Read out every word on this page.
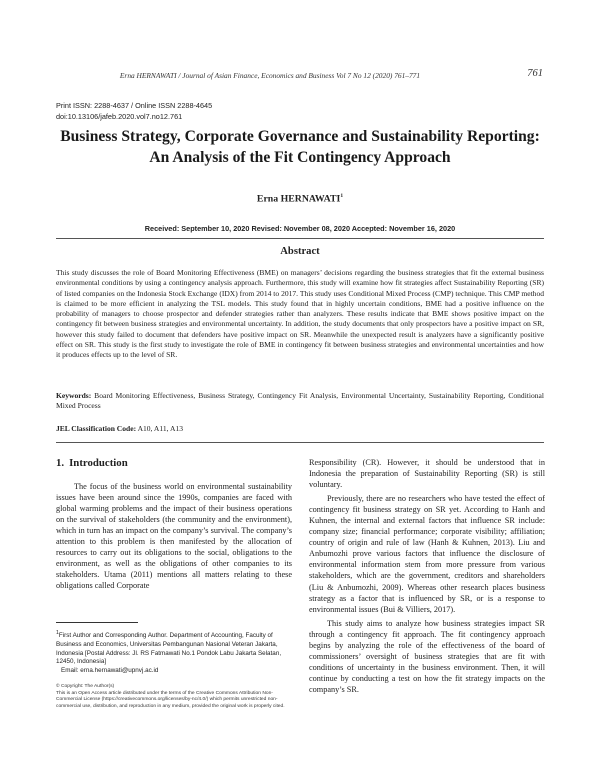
Erna HERNAWATI / Journal of Asian Finance, Economics and Business Vol 7 No 12 (2020) 761–771	761
Print ISSN: 2288-4637 / Online ISSN 2288-4645
doi:10.13106/jafeb.2020.vol7.no12.761
Business Strategy, Corporate Governance and Sustainability Reporting:
An Analysis of the Fit Contingency Approach
Erna HERNAWATI$^1$
Received: September 10, 2020 Revised: November 08, 2020 Accepted: November 16, 2020
Abstract
This study discusses the role of Board Monitoring Effectiveness (BME) on managers’ decisions regarding the business strategies that fit the external business environmental conditions by using a contingency analysis approach. Furthermore, this study will examine how fit strategies affect Sustainability Reporting (SR) of listed companies on the Indonesia Stock Exchange (IDX) from 2014 to 2017. This study uses Conditional Mixed Process (CMP) technique. This CMP method is claimed to be more efficient in analyzing the TSL models. This study found that in highly uncertain conditions, BME had a positive influence on the probability of managers to choose prospector and defender strategies rather than analyzers. These results indicate that BME shows positive impact on the contingency fit between business strategies and environmental uncertainty. In addition, the study documents that only prospectors have a positive impact on SR, however this study failed to document that defenders have positive impact on SR. Meanwhile the unexpected result is analyzers have a significantly positive effect on SR. This study is the first study to investigate the role of BME in contingency fit between business strategies and environmental uncertainties and how it produces effects up to the level of SR.
Keywords: Board Monitoring Effectiveness, Business Strategy, Contingency Fit Analysis, Environmental Uncertainty, Sustainability Reporting, Conditional Mixed Process
JEL Classification Code: A10, A11, A13
1. Introduction

The focus of the business world on environmental sustainability issues have been around since the 1990s, companies are faced with global warming problems and the impact of their business operations on the survival of stakeholders (the community and the environment), which in turn has an impact on the company’s survival. The company’s attention to this problem is then manifested by the allocation of resources to carry out its obligations to the social, obligations to the environment, as well as the obligations of other companies to its stakeholders. Utama (2011) mentions all matters relating to these obligations called Corporate

Responsibility (CR). However, it should be understood that in Indonesia the preparation of Sustainability Reporting (SR) is still voluntary.

Previously, there are no researchers who have tested the effect of contingency fit business strategy on SR yet. According to Hanh and Kuhnen, the internal and external factors that influence SR include: company size; financial performance; corporate visibility; affiliation; country of origin and rule of law (Hanh & Kuhnen, 2013). Liu and Anbumozhi prove various factors that influence the disclosure of environmental information stem from more pressure from various stakeholders, which are the government, creditors and shareholders (Liu & Anbumozhi, 2009). Whereas other research places business strategy as a factor that is influenced by SR, or is a response to environmental issues (Bui & Villiers, 2017).

This study aims to analyze how business strategies impact SR through a contingency fit approach. The fit contingency approach begins by analyzing the role of the effectiveness of the board of commissioners’ oversight of business strategies that are fit with conditions of uncertainty in the business environment. Then, it will continue by conducting a test on how the fit strategy impacts on the company’s SR.

$^1$First Author and Corresponding Author. Department of Accounting, Faculty of Business and Economics, Universitas Pembangunan Nasional Veteran Jakarta, Indonesia [Postal Address: Jl. RS Fatmawati No.1 Pondok Labu Jakarta Selatan, 12450, Indonesia]
Email: erna.hernawati@upnvj.ac.id
© Copyright: The Author(s)
This is an Open Access article distributed under the terms of the Creative Commons Attribution Non-Commercial License (https://creativecommons.org/licenses/by-nc/4.0/) which permits unrestricted non-commercial use, distribution, and reproduction in any medium, provided the original work is properly cited.
